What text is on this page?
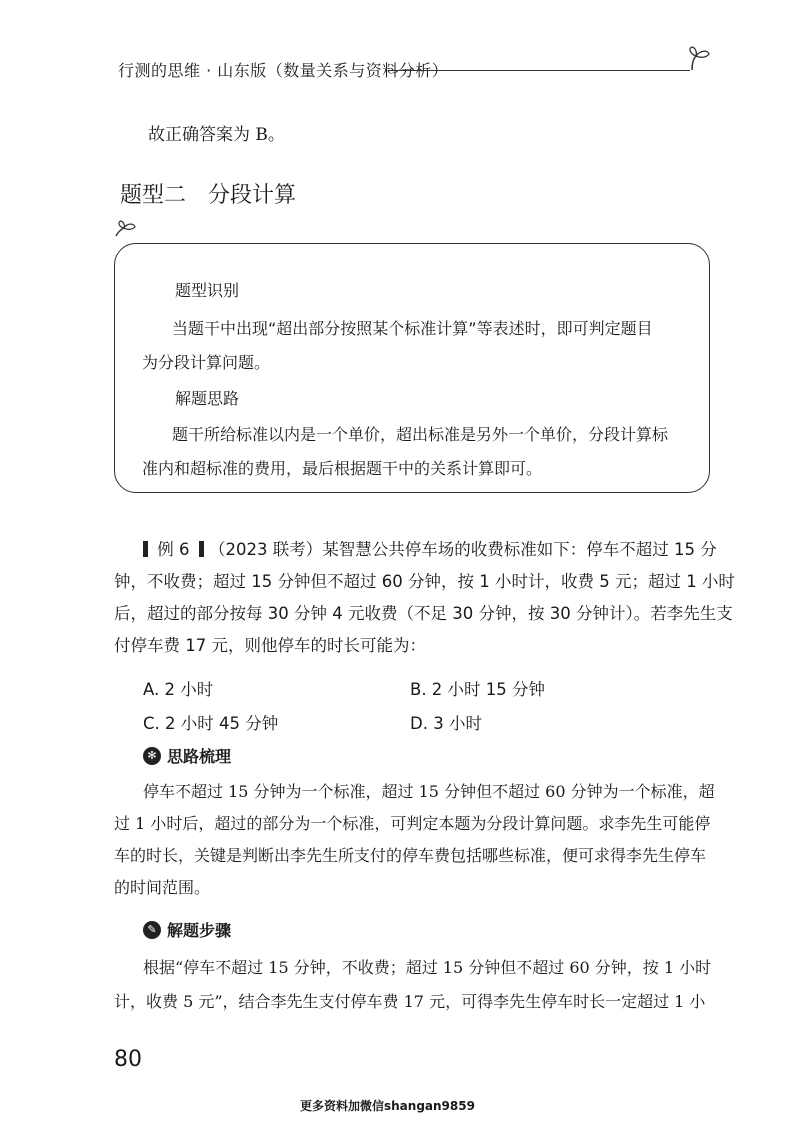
行测的思维 · 山东版（数量关系与资料分析）
故正确答案为 B。
题型二　分段计算
题型识别
当题干中出现“超出部分按照某个标准计算”等表述时，即可判定题目
为分段计算问题。
解题思路
题干所给标准以内是一个单价，超出标准是另外一个单价，分段计算标
准内和超标准的费用，最后根据题干中的关系计算即可。
例 6 （2023 联考）某智慧公共停车场的收费标准如下：停车不超过 15 分
钟，不收费；超过 15 分钟但不超过 60 分钟，按 1 小时计，收费 5 元；超过 1 小时
后，超过的部分按每 30 分钟 4 元收费（不足 30 分钟，按 30 分钟计）。若李先生支
付停车费 17 元，则他停车的时长可能为：
A. 2 小时	B. 2 小时 15 分钟
C. 2 小时 45 分钟	D. 3 小时
✻ 思路梳理
停车不超过 15 分钟为一个标准，超过 15 分钟但不超过 60 分钟为一个标准，超
过 1 小时后，超过的部分为一个标准，可判定本题为分段计算问题。求李先生可能停
车的时长，关键是判断出李先生所支付的停车费包括哪些标准，便可求得李先生停车
的时间范围。
✎ 解题步骤
根据“停车不超过 15 分钟，不收费；超过 15 分钟但不超过 60 分钟，按 1 小时
计，收费 5 元”，结合李先生支付停车费 17 元，可得李先生停车时长一定超过 1 小
80
更多资料加微信shangan9859
